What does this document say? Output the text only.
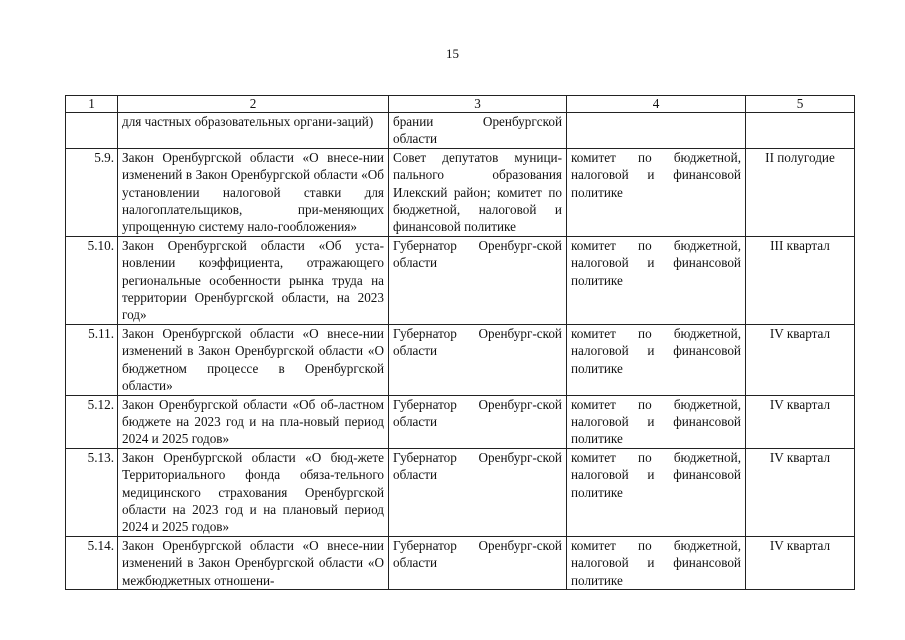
15
1	2	3	4	5
	для частных образовательных органи-заций)	брании Оренбургской области		
5.9.	Закон Оренбургской области «О внесе-нии изменений в Закон Оренбургской области «Об установлении налоговой ставки для налогоплательщиков, при-меняющих упрощенную систему нало-гообложения»	Совет депутатов муници-пального образования Илекский район; комитет по бюджетной, налоговой и финансовой политике	комитет по бюджетной, налоговой и финансовой политике	II полугодие
5.10.	Закон Оренбургской области «Об уста-новлении коэффициента, отражающего региональные особенности рынка труда на территории Оренбургской области, на 2023 год»	Губернатор Оренбург-ской области	комитет по бюджетной, налоговой и финансовой политике	III квартал
5.11.	Закон Оренбургской области «О внесе-нии изменений в Закон Оренбургской области «О бюджетном процессе в Оренбургской области»	Губернатор Оренбург-ской области	комитет по бюджетной, налоговой и финансовой политике	IV квартал
5.12.	Закон Оренбургской области «Об об-ластном бюджете на 2023 год и на пла-новый период 2024 и 2025 годов»	Губернатор Оренбург-ской области	комитет по бюджетной, налоговой и финансовой политике	IV квартал
5.13.	Закон Оренбургской области «О бюд-жете Территориального фонда обяза-тельного медицинского страхования Оренбургской области на 2023 год и на плановый период 2024 и 2025 годов»	Губернатор Оренбург-ской области	комитет по бюджетной, налоговой и финансовой политике	IV квартал
5.14.	Закон Оренбургской области «О внесе-нии изменений в Закон Оренбургской области «О межбюджетных отношени-	Губернатор Оренбург-ской области	комитет по бюджетной, налоговой и финансовой политике	IV квартал
